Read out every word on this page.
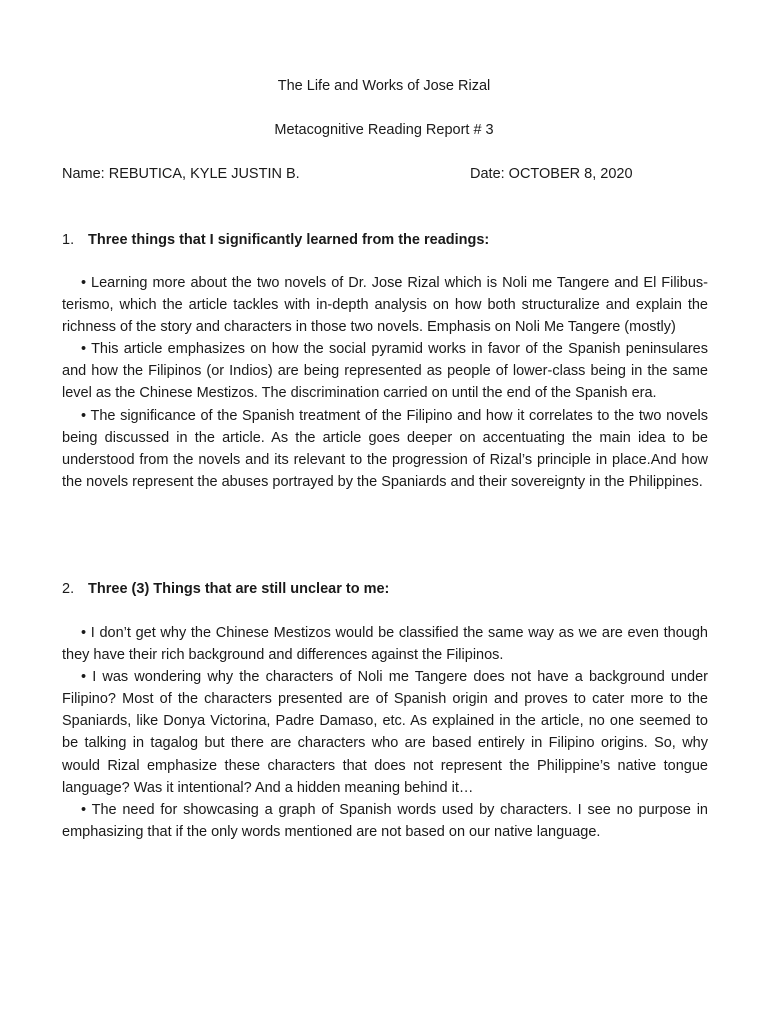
The Life and Works of Jose Rizal
Metacognitive Reading Report # 3
Name: REBUTICA, KYLE JUSTIN B.	Date: OCTOBER 8, 2020
1. Three things that I significantly learned from the readings:

• Learning more about the two novels of Dr. Jose Rizal which is Noli me Tangere and El Filibusterismo, which the article tackles with in-depth analysis on how both structuralize and explain the richness of the story and characters in those two novels. Emphasis on Noli Me Tangere (mostly)

• This article emphasizes on how the social pyramid works in favor of the Spanish peninsulares and how the Filipinos (or Indios) are being represented as people of lower-class being in the same level as the Chinese Mestizos. The discrimination carried on until the end of the Spanish era.

• The significance of the Spanish treatment of the Filipino and how it correlates to the two novels being discussed in the article. As the article goes deeper on accentuating the main idea to be understood from the novels and its relevant to the progression of Rizal’s principle in place.And how the novels represent the abuses portrayed by the Spaniards and their sovereignty in the Philippines.

2. Three (3) Things that are still unclear to me:

• I don’t get why the Chinese Mestizos would be classified the same way as we are even though they have their rich background and differences against the Filipinos.

• I was wondering why the characters of Noli me Tangere does not have a background under Filipino? Most of the characters presented are of Spanish origin and proves to cater more to the Spaniards, like Donya Victorina, Padre Damaso, etc. As explained in the article, no one seemed to be talking in tagalog but there are characters who are based entirely in Filipino origins. So, why would Rizal emphasize these characters that does not represent the Philippine’s native tongue language? Was it intentional? And a hidden meaning behind it…

• The need for showcasing a graph of Spanish words used by characters. I see no purpose in emphasizing that if the only words mentioned are not based on our native language.
